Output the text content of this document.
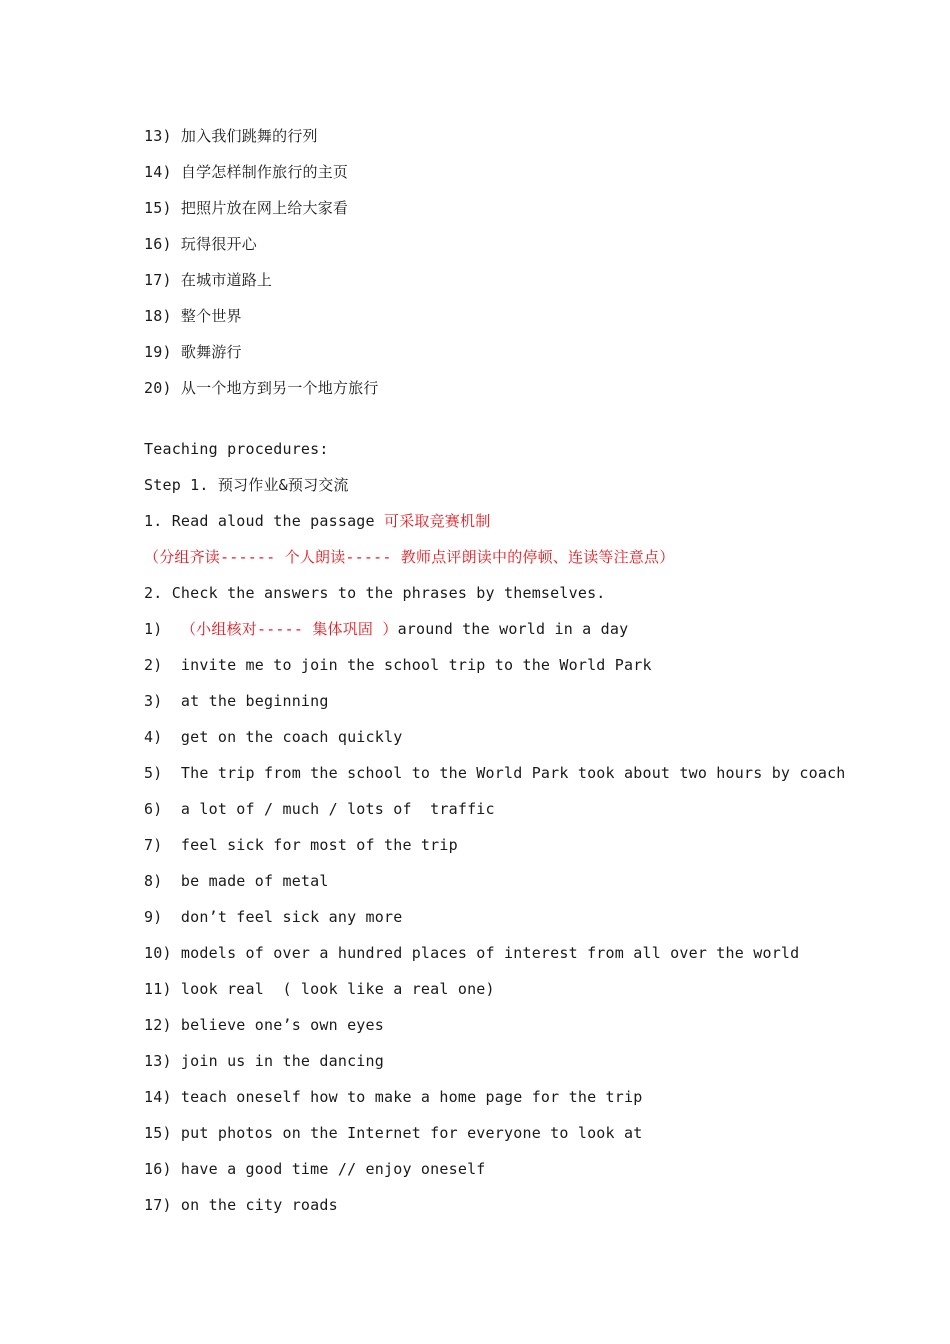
13) 加入我们跳舞的行列
14) 自学怎样制作旅行的主页
15) 把照片放在网上给大家看
16) 玩得很开心
17) 在城市道路上
18) 整个世界
19) 歌舞游行
20) 从一个地方到另一个地方旅行
Teaching procedures:
Step 1. 预习作业&预习交流
1. Read aloud the passage 可采取竞赛机制
（分组齐读------ 个人朗读----- 教师点评朗读中的停顿、连读等注意点）
2. Check the answers to the phrases by themselves.
1)  （小组核对----- 集体巩固 ）around the world in a day
2)  invite me to join the school trip to the World Park
3)  at the beginning
4)  get on the coach quickly
5)  The trip from the school to the World Park took about two hours by coach
6)  a lot of / much / lots of  traffic
7)  feel sick for most of the trip
8)  be made of metal
9)  don’t feel sick any more
10) models of over a hundred places of interest from all over the world
11) look real  ( look like a real one)
12) believe one’s own eyes
13) join us in the dancing
14) teach oneself how to make a home page for the trip
15) put photos on the Internet for everyone to look at
16) have a good time // enjoy oneself
17) on the city roads
